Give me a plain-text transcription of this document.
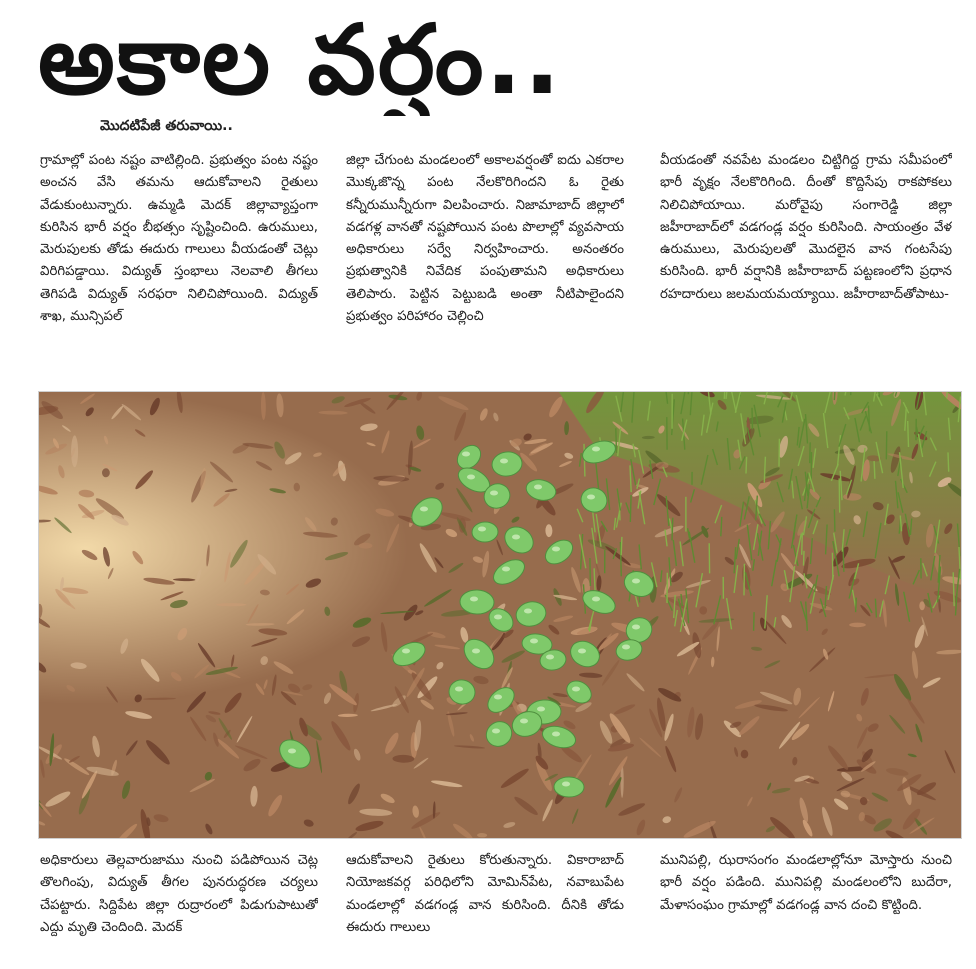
అకాల వర్షం..
మొదటిపేజీ తరువాయి..

గ్రామాల్లో పంట నష్టం వాటిల్లింది. ప్రభుత్వం పంట నష్టం అంచన వేసి తమను ఆదుకోవాలని రైతులు వేడుకుంటున్నారు. ఉమ్మడి మెదక్ జిల్లావ్యాప్తంగా కురిసిన భారీ వర్షం బీభత్సం సృష్టించింది. ఉరుములు, మెరుపులకు తోడు ఈదురు గాలులు వీయడంతో చెట్లు విరిగిపడ్డాయి. విద్యుత్ స్తంభాలు నెలవాలి తీగలు తెగిపడి విద్యుత్ సరఫరా నిలిచిపోయింది. విద్యుత్ శాఖ, మున్సిపల్

జిల్లా చేగుంట మండలంలో అకాలవర్షంతో ఐదు ఎకరాల మొక్కజొన్న పంట నేలకొరిగిందని ఓ రైతు కన్నీరుమున్నీరుగా విలపించారు. నిజామాబాద్ జిల్లాలో వడగళ్ల వానతో నష్టపోయిన పంట పొలాల్లో వ్యవసాయ అధికారులు సర్వే నిర్వహించారు. అనంతరం ప్రభుత్వానికి నివేదిక పంపుతామని అధికారులు తెలిపారు. పెట్టిన పెట్టుబడి అంతా నీటిపాలైందని ప్రభుత్వం పరిహారం చెల్లించి

వీయడంతో నవపేట మండలం చిట్టిగిద్ద గ్రామ సమీపంలో భారీ వృక్షం నేలకొరిగింది. దీంతో కొద్దిసేపు రాకపోకలు నిలిచిపోయాయి. మరోవైపు సంగారెడ్డి జిల్లా జహీరాబాద్‌లో వడగండ్ల వర్షం కురిసింది. సాయంత్రం వేళ ఉరుములు, మెరుపులతో మొదలైన వాన గంటసేపు కురిసింది. భారీ వర్షానికి జహీరాబాద్ పట్టణంలోని ప్రధాన రహదారులు జలమయమయ్యాయి. జహీరాబాద్‌తోపాటు-

అధికారులు తెల్లవారుజాము నుంచి పడిపోయిన చెట్ల తొలగింపు, విద్యుత్ తీగల పునరుద్ధరణ చర్యలు చేపట్టారు. సిద్దిపేట జిల్లా రుద్రారంలో పిడుగుపాటుతో ఎద్దు మృతి చెందింది. మెదక్

ఆదుకోవాలని రైతులు కోరుతున్నారు. వికారాబాద్ నియోజకవర్గ పరిధిలోని మోమిన్‌పేట, నవాబుపేట మండలాల్లో వడగండ్ల వాన కురిసింది. దీనికి తోడు ఈదురు గాలులు

మునిపల్లి, ఝరాసంగం మండలాల్లోనూ మోస్తారు నుంచి భారీ వర్షం పడింది. మునిపల్లి మండలంలోని బుదేరా, మేళాసంఘం గ్రామాల్లో వడగండ్ల వాన దంచి కొట్టింది.
